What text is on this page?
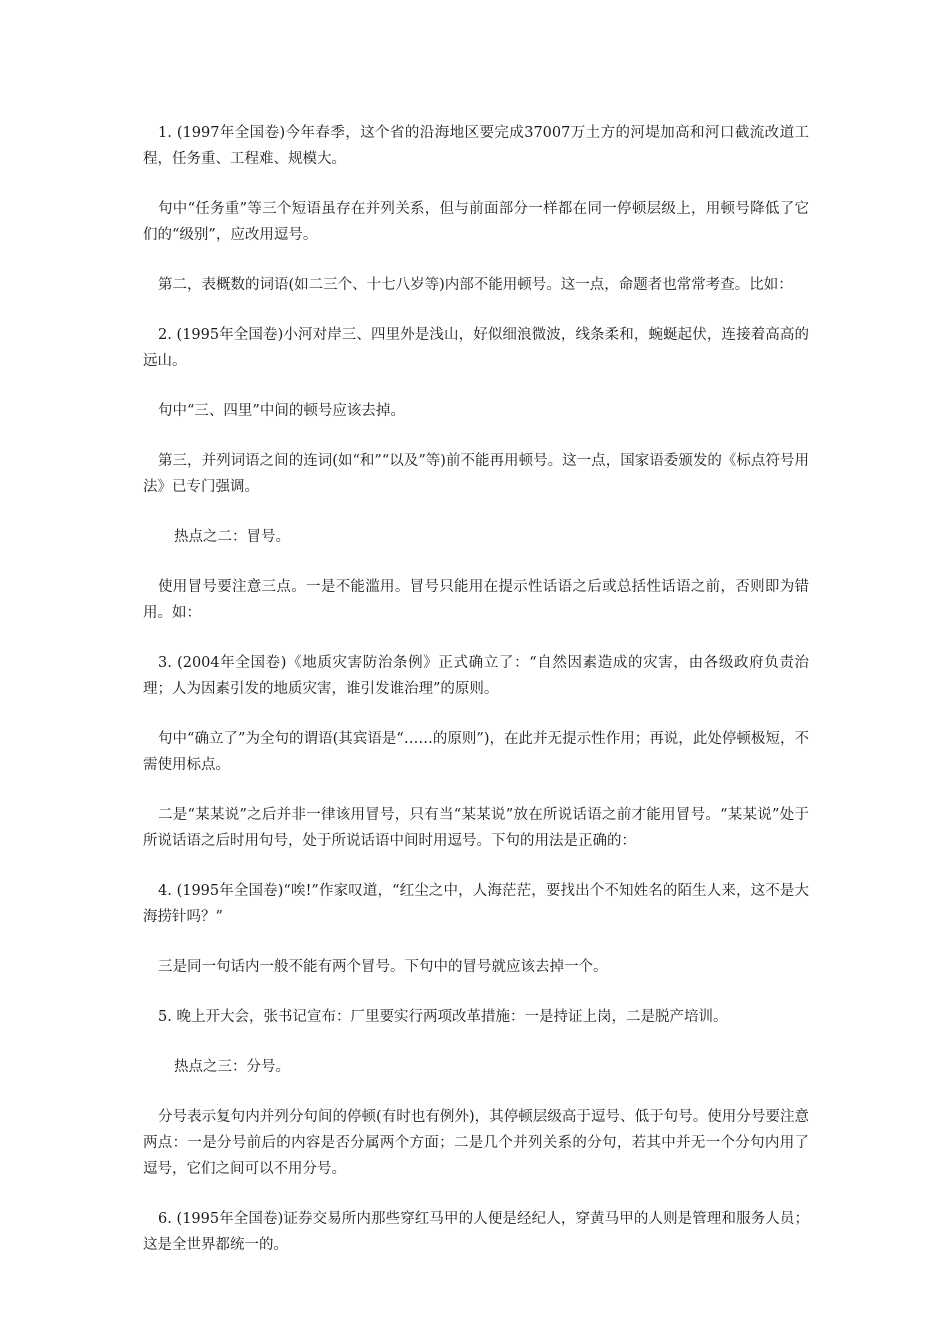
1. (1997年全国卷)今年春季，这个省的沿海地区要完成37007万土方的河堤加高和河口截流改道工程，任务重、工程难、规模大。

句中“任务重”等三个短语虽存在并列关系，但与前面部分一样都在同一停顿层级上，用顿号降低了它们的“级别”，应改用逗号。

第二，表概数的词语(如二三个、十七八岁等)内部不能用顿号。这一点，命题者也常常考查。比如：

2. (1995年全国卷)小河对岸三、四里外是浅山，好似细浪微波，线条柔和，蜿蜒起伏，连接着高高的远山。

句中“三、四里”中间的顿号应该去掉。

第三，并列词语之间的连词(如“和”“以及”等)前不能再用顿号。这一点，国家语委颁发的《标点符号用法》已专门强调。

热点之二：冒号。

使用冒号要注意三点。一是不能滥用。冒号只能用在提示性话语之后或总括性话语之前，否则即为错用。如：

3. (2004年全国卷)《地质灾害防治条例》正式确立了：“自然因素造成的灾害，由各级政府负责治理；人为因素引发的地质灾害，谁引发谁治理”的原则。

句中“确立了”为全句的谓语(其宾语是“……的原则”)，在此并无提示性作用；再说，此处停顿极短，不需使用标点。

二是“某某说”之后并非一律该用冒号，只有当“某某说”放在所说话语之前才能用冒号。“某某说”处于所说话语之后时用句号，处于所说话语中间时用逗号。下句的用法是正确的：

4. (1995年全国卷)“唉!”作家叹道，“红尘之中，人海茫茫，要找出个不知姓名的陌生人来，这不是大海捞针吗？”

三是同一句话内一般不能有两个冒号。下句中的冒号就应该去掉一个。

5. 晚上开大会，张书记宣布：厂里要实行两项改革措施：一是持证上岗，二是脱产培训。

热点之三：分号。

分号表示复句内并列分句间的停顿(有时也有例外)，其停顿层级高于逗号、低于句号。使用分号要注意两点：一是分号前后的内容是否分属两个方面；二是几个并列关系的分句，若其中并无一个分句内用了逗号，它们之间可以不用分号。

6. (1995年全国卷)证券交易所内那些穿红马甲的人便是经纪人，穿黄马甲的人则是管理和服务人员；这是全世界都统一的。
